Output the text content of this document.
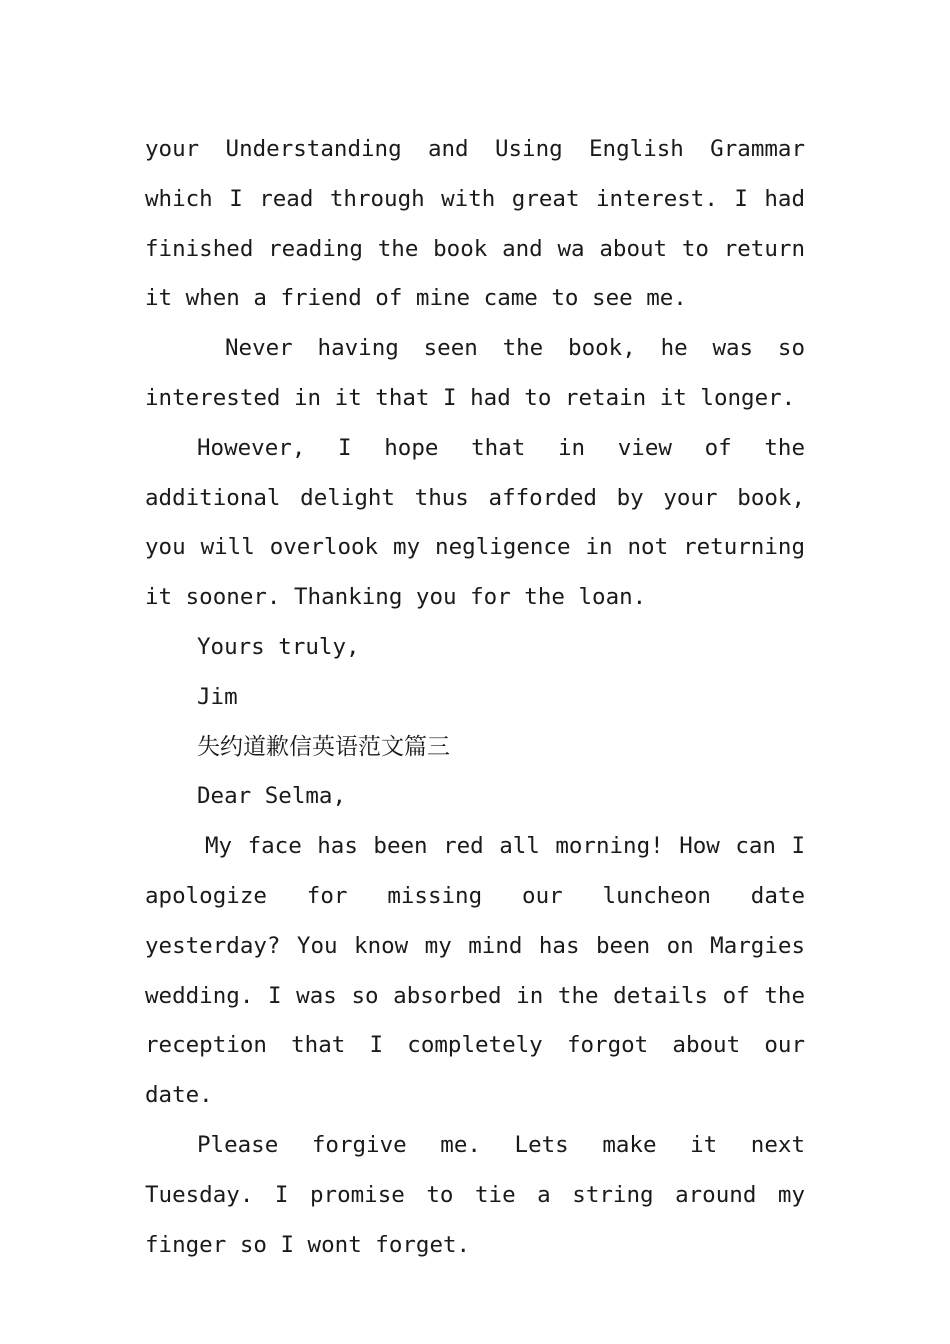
your Understanding and Using English Grammar which I read through with great interest. I had finished reading the book and wa about to return it when a friend of mine came to see me.

Never having seen the book, he was so interested in it that I had to retain it longer.

However, I hope that in view of the additional delight thus afforded by your book, you will overlook my negligence in not returning it sooner. Thanking you for the loan.

Yours truly,

Jim

失约道歉信英语范文篇三

Dear Selma,

My face has been red all morning! How can I apologize for missing our luncheon date yesterday? You know my mind has been on Margies wedding. I was so absorbed in the details of the reception that I completely forgot about our date.

Please forgive me. Lets make it next Tuesday. I promise to tie a string around my finger so I wont forget.
